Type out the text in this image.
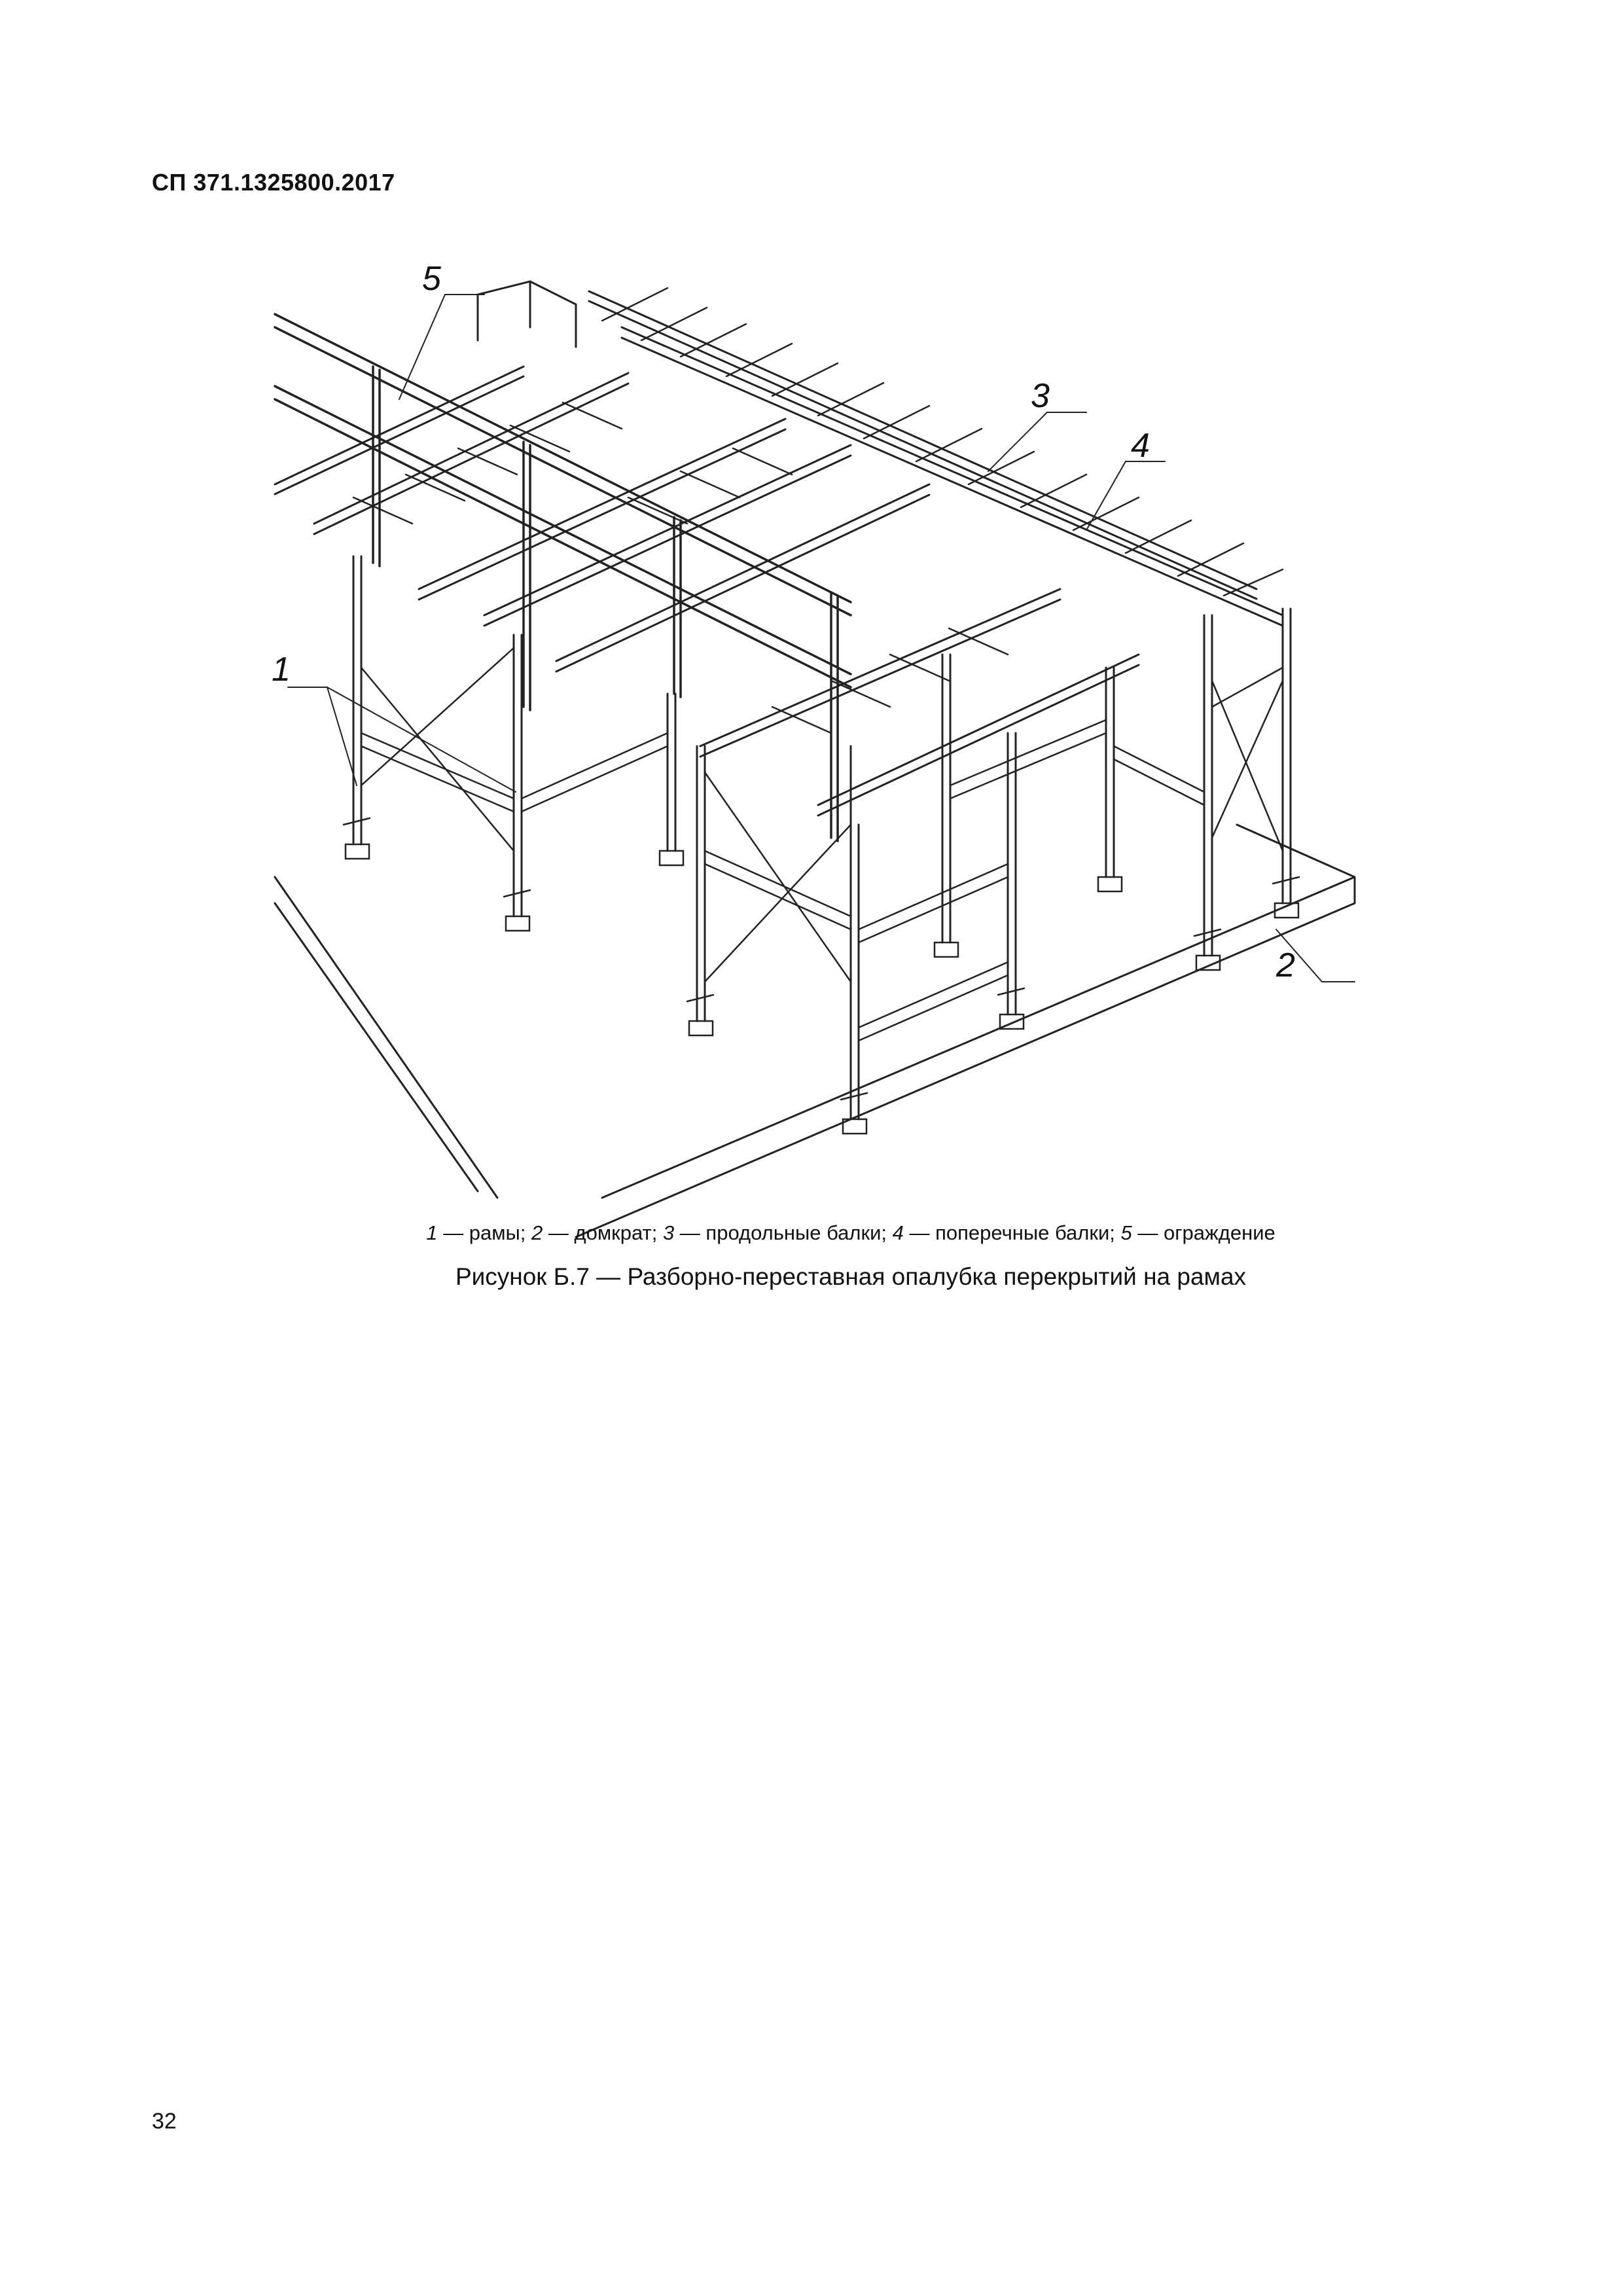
СП 371.1325800.2017
5
3
4
1
2
1 — рамы; 2 — домкрат; 3 — продольные балки; 4 — поперечные балки; 5 — ограждение
Рисунок Б.7 — Разборно-переставная опалубка перекрытий на рамах
32
